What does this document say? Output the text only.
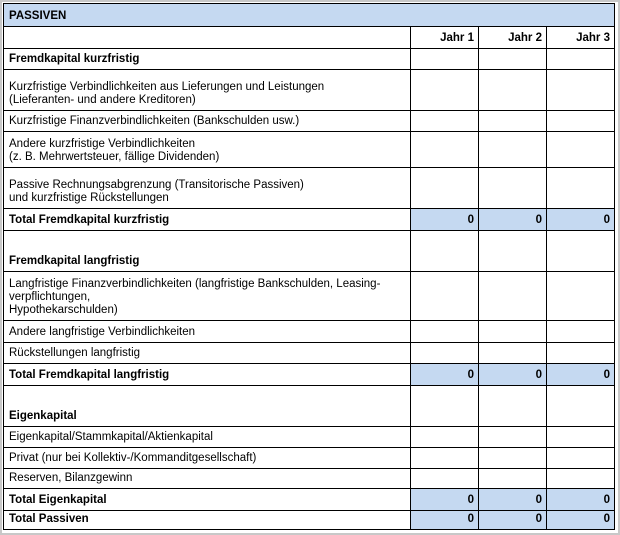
PASSIVEN			
	Jahr 1	Jahr 2	Jahr 3
Fremdkapital kurzfristig			
Kurzfristige Verbindlichkeiten aus Lieferungen und Leistungen
(Lieferanten- und andere Kreditoren)			
Kurzfristige Finanzverbindlichkeiten (Bankschulden usw.)			
Andere kurzfristige Verbindlichkeiten
(z. B. Mehrwertsteuer, fällige Dividenden)			
Passive Rechnungsabgrenzung (Transitorische Passiven)
und kurzfristige Rückstellungen			
Total Fremdkapital kurzfristig	0	0	0
Fremdkapital langfristig			
Langfristige Finanzverbindlichkeiten (langfristige Bankschulden, Leasing-
verpflichtungen,
Hypothekarschulden)			
Andere langfristige Verbindlichkeiten			
Rückstellungen langfristig			
Total Fremdkapital langfristig	0	0	0
Eigenkapital			
Eigenkapital/Stammkapital/Aktienkapital			
Privat (nur bei Kollektiv-/Kommanditgesellschaft)			
Reserven, Bilanzgewinn			
Total Eigenkapital	0	0	0
Total Passiven	0	0	0
